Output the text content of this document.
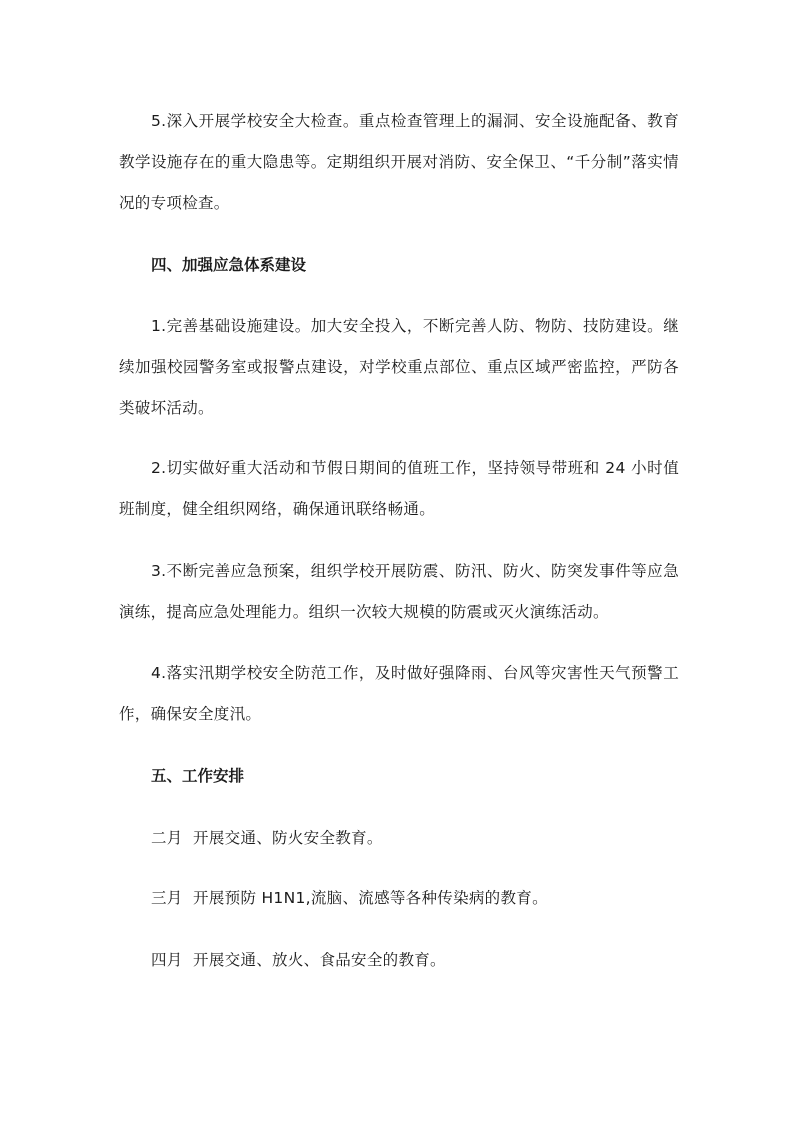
5.深入开展学校安全大检查。重点检查管理上的漏洞、安全设施配备、教育教学设施存在的重大隐患等。定期组织开展对消防、安全保卫、“千分制”落实情况的专项检查。

四、加强应急体系建设

1.完善基础设施建设。加大安全投入，不断完善人防、物防、技防建设。继续加强校园警务室或报警点建设，对学校重点部位、重点区域严密监控，严防各类破坏活动。

2.切实做好重大活动和节假日期间的值班工作，坚持领导带班和 24 小时值班制度，健全组织网络，确保通讯联络畅通。

3.不断完善应急预案，组织学校开展防震、防汛、防火、防突发事件等应急演练，提高应急处理能力。组织一次较大规模的防震或灭火演练活动。

4.落实汛期学校安全防范工作，及时做好强降雨、台风等灾害性天气预警工作，确保安全度汛。

五、工作安排

二月  开展交通、防火安全教育。

三月  开展预防 H1N1,流脑、流感等各种传染病的教育。

四月  开展交通、放火、食品安全的教育。
